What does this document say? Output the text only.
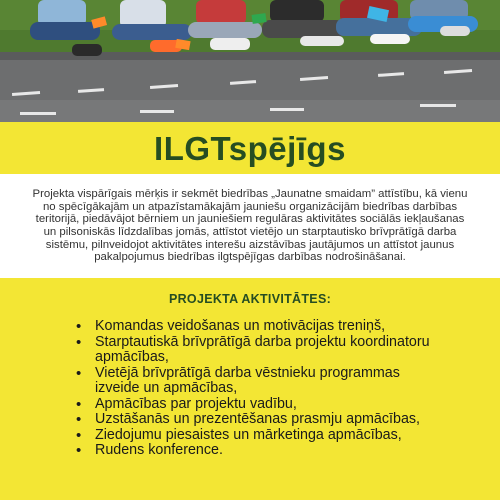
ILGTspējīgs

Projekta vispārīgais mērķis ir sekmēt biedrības „Jaunatne smaidam” attīstību, kā vienu no spēcīgākajām un atpazīstamākajām jauniešu organizācijām biedrības darbības teritorijā, piedāvājot bērniem un jauniešiem regulāras aktivitātes sociālās iekļaušanas un pilsoniskās līdzdalības jomās, attīstot vietējo un starptautisko brīvprātīgā darba sistēmu, pilnveidojot aktivitātes interešu aizstāvības jautājumos un attīstot jaunus pakalpojumus biedrības ilgtspējīgas darbības nodrošināšanai.

PROJEKTA AKTIVITĀTES:
• Komandas veidošanas un motivācijas treniņš,
• Starptautiskā brīvprātīgā darba projektu koordinatoru apmācības,
• Vietējā brīvprātīgā darba vēstnieku programmas izveide un apmācības,
• Apmācības par projektu vadību,
• Uzstāšanās un prezentēšanas prasmju apmācības,
• Ziedojumu piesaistes un mārketinga apmācības,
• Rudens konference.
